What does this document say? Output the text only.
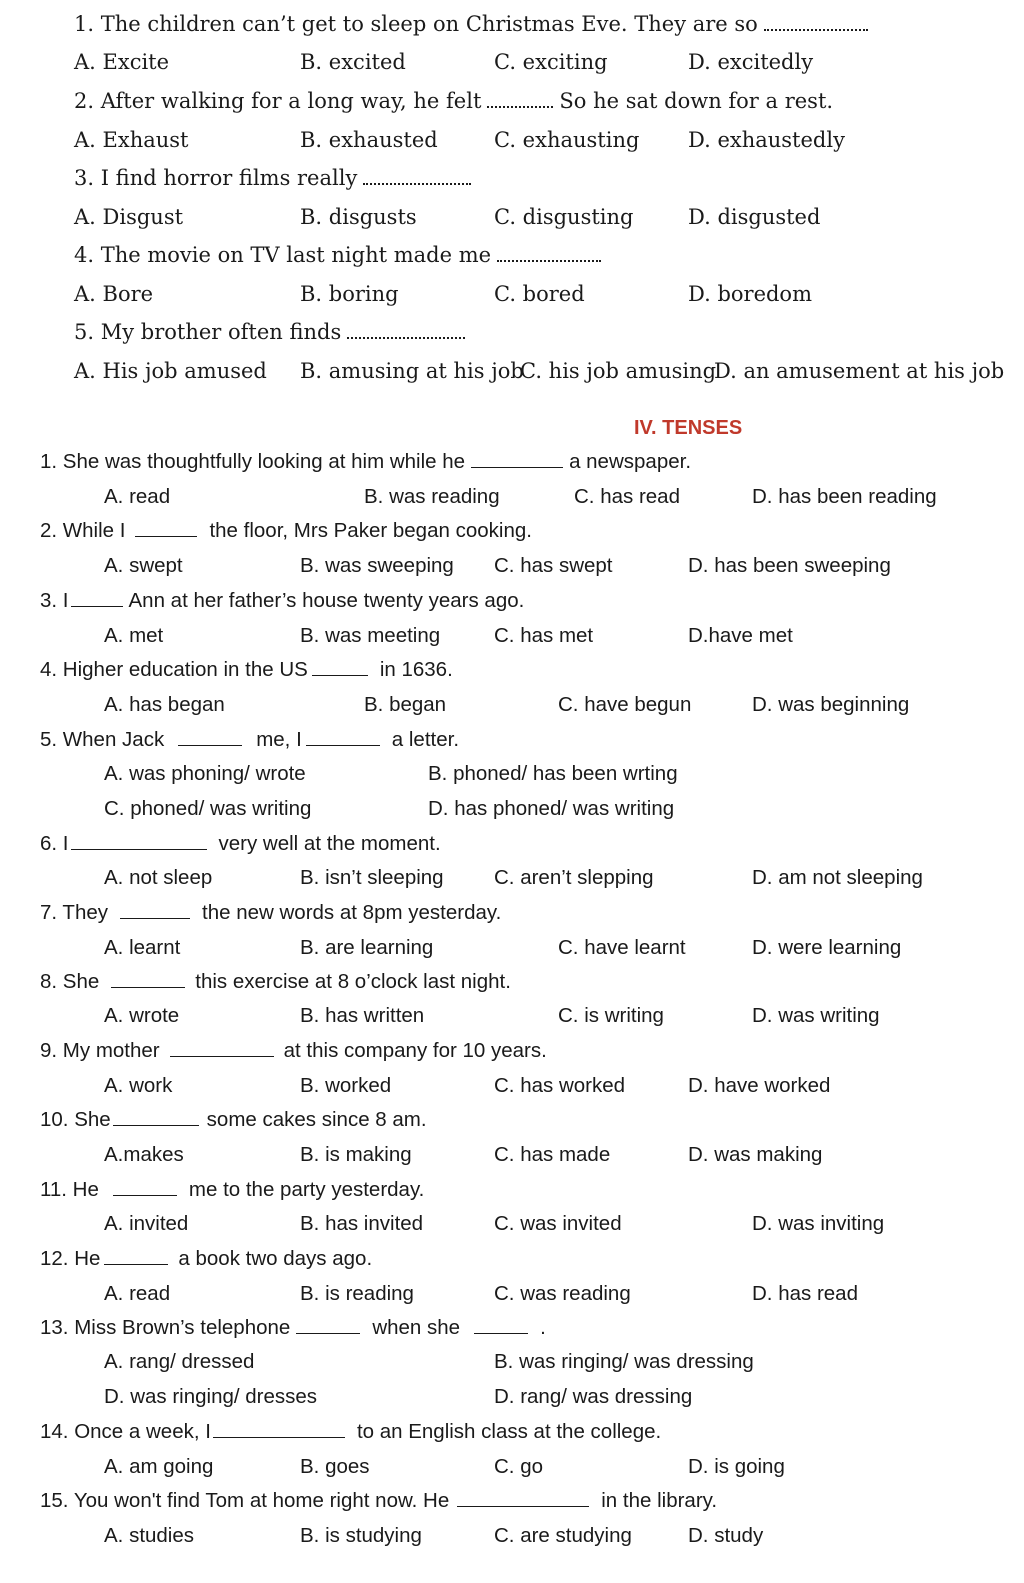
1. The children can’t get to sleep on Christmas Eve. They are so
A. Excite	B. excited	C. exciting	D. excitedly
2. After walking for a long way, he felt	So he sat down for a rest.
A. Exhaust	B. exhausted	C. exhausting D. exhaustedly
3. I find horror films really
A. Disgust	B. disgusts	C. disgusting	D. disgusted
4. The movie on TV last night made me
A. Bore	B. boring	C. bored	D. boredom
5. My brother often finds
A. His job amused B. amusing at his job
C. his job amusing
D. an amusement at his job
IV. TENSES
1. She was thoughtfully looking at him while he	a newspaper.
A. read	B. was reading	C. has read	D. has been reading
2. While I	the floor, Mrs Paker began cooking.
A. swept	B. was sweeping C. has swept	D. has been sweeping
3. I	Ann at her father’s house twenty years ago.
A. met	B. was meeting	C. has met	D.have met
4. Higher education in the US	in 1636.
A. has began	B. began	C. have begun	D. was beginning
5. When Jack	me, I	a letter.
A. was phoning/ wrote	B. phoned/ has been wrting
C. phoned/ was writing	D. has phoned/ was writing
6. I	very well at the moment.
A. not sleep	B. isn’t sleeping C. aren’t slepping	D. am not sleeping
7. They	the new words at 8pm yesterday.
A. learnt	B. are learning	C. have learnt	D. were learning
8. She	this exercise at 8 o’clock last night.
A. wrote	B. has written	C. is writing	D. was writing
9. My mother	at this company for 10 years.
A. work	B. worked	C. has worked	D. have worked
10. She	some cakes since 8 am.
A.makes	B. is making	C. has made	D. was making
11. He	me to the party yesterday.
A. invited	B. has invited	C. was invited	D. was inviting
12. He	a book two days ago.
A. read	B. is reading	C. was reading	D. has read
13. Miss Brown’s telephone	when she	.
A. rang/ dressed	B. was ringing/ was dressing
D. was ringing/ dresses	D. rang/ was dressing
14. Once a week, I	to an English class at the college.
A. am going	B. goes	C. go	D. is going
15. You won't find Tom at home right now. He	in the library.
A. studies	B. is studying	C. are studying	D. study
